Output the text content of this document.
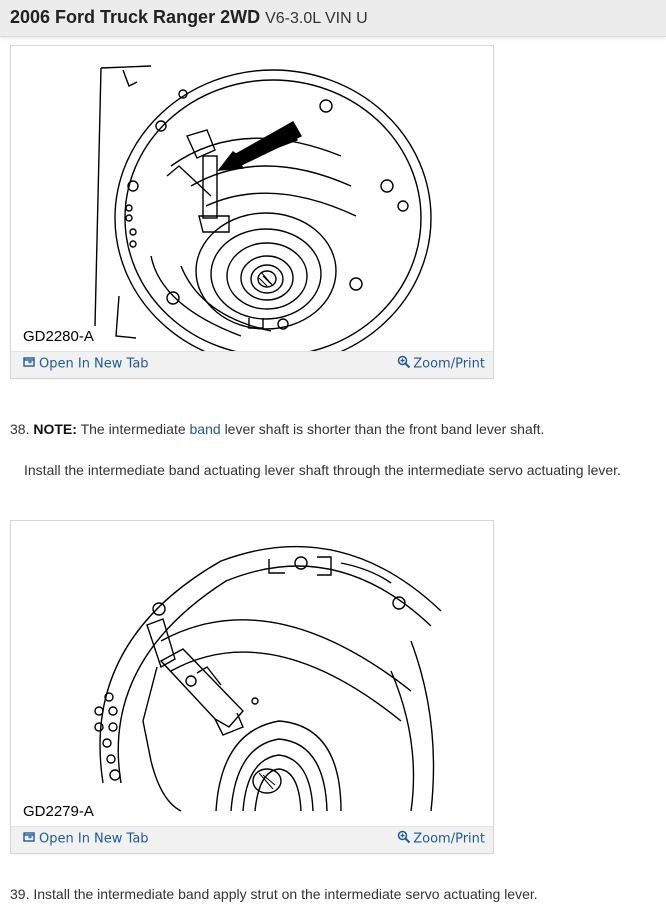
2006 Ford Truck Ranger 2WD V6-3.0L VIN U
GD2280-A
Open In New Tab	Zoom/Print
38. NOTE: The intermediate band lever shaft is shorter than the front band lever shaft.
Install the intermediate band actuating lever shaft through the intermediate servo actuating lever.
GD2279-A
Open In New Tab	Zoom/Print
39. Install the intermediate band apply strut on the intermediate servo actuating lever.
